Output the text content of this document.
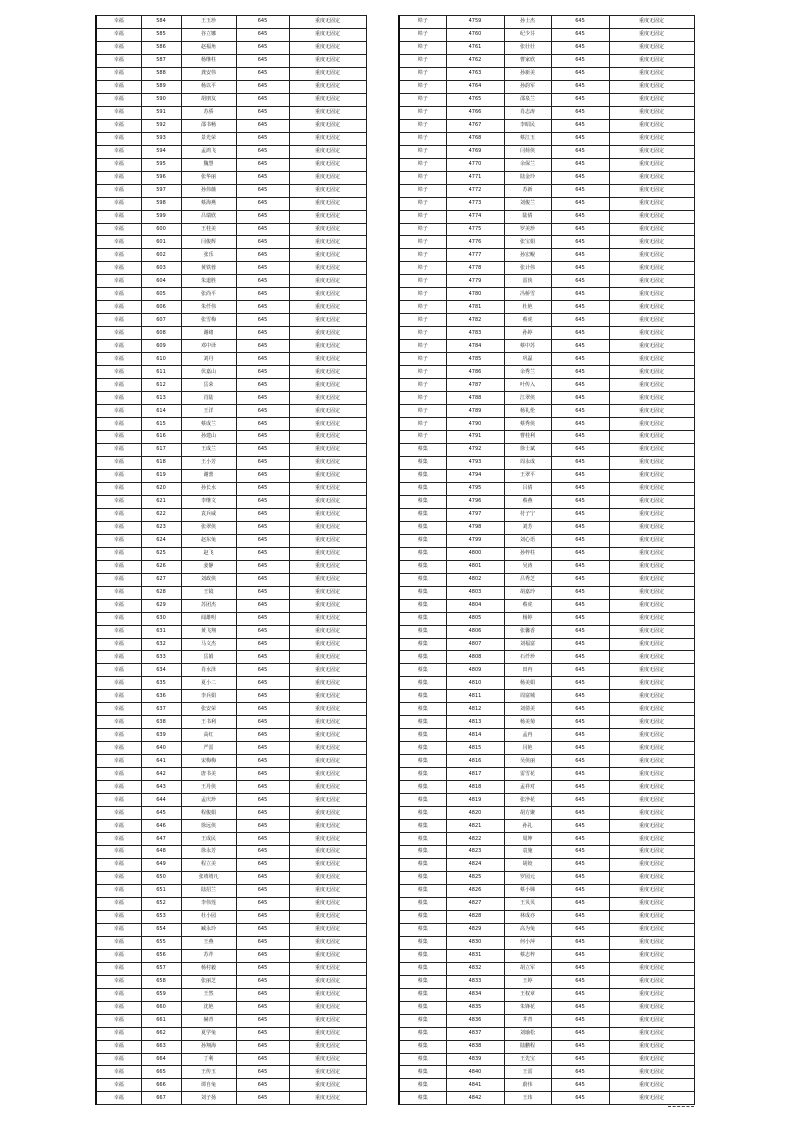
幸福	584	王玉珍	645	重度无固定
幸福	585	谷立娜	645	重度无固定
幸福	586	赵福角	645	重度无固定
幸福	587	杨继柱	645	重度无固定
幸福	588	龚安伟	645	重度无固定
幸福	589	杨以平	645	重度无固定
幸福	590	胡朋友	645	重度无固定
幸福	591	苏骄	645	重度无固定
幸福	592	邵书畅	645	重度无固定
幸福	593	景光荣	645	重度无固定
幸福	594	孟鸿飞	645	重度无固定
幸福	595	魏慧	645	重度无固定
幸福	596	张华丽	645	重度无固定
幸福	597	孙伟薇	645	重度无固定
幸福	598	蔡海燕	645	重度无固定
幸福	599	吕瑞欣	645	重度无固定
幸福	600	王桂美	645	重度无固定
幸福	601	闫俊辉	645	重度无固定
幸福	602	张乐	645	重度无固定
幸福	603	黄铁蓉	645	重度无固定
幸福	604	朱道胜	645	重度无固定
幸福	605	张尚平	645	重度无固定
幸福	606	朱仟伟	645	重度无固定
幸福	607	张雪梅	645	重度无固定
幸福	608	谢绪	645	重度无固定
幸福	609	邓中译	645	重度无固定
幸福	610	刘丹	645	重度无固定
幸福	611	伏嘉山	645	重度无固定
幸福	612	岳荣	645	重度无固定
幸福	613	肖陆	645	重度无固定
幸福	614	王洋	645	重度无固定
幸福	615	蔡成兰	645	重度无固定
幸福	616	孙建山	645	重度无固定
幸福	617	王成兰	645	重度无固定
幸福	618	王小芳	645	重度无固定
幸福	619	谢蕾	645	重度无固定
幸福	620	孙长水	645	重度无固定
幸福	621	李继文	645	重度无固定
幸福	622	袁兵威	645	重度无固定
幸福	623	张翠侠	645	重度无固定
幸福	624	赵东兔	645	重度无固定
幸福	625	赵飞	645	重度无固定
幸福	626	姜静	645	重度无固定
幸福	627	刘政侠	645	重度无固定
幸福	628	王镜	645	重度无固定
幸福	629	苏团杰	645	重度无固定
幸福	630	闻雄明	645	重度无固定
幸福	631	黄飞翔	645	重度无固定
幸福	632	马文杰	645	重度无固定
幸福	633	岳娟	645	重度无固定
幸福	634	肖水泽	645	重度无固定
幸福	635	夏小二	645	重度无固定
幸福	636	李兵娟	645	重度无固定
幸福	637	张安荣	645	重度无固定
幸福	638	王书利	645	重度无固定
幸福	639	高红	645	重度无固定
幸福	640	严雷	645	重度无固定
幸福	641	宋梅梅	645	重度无固定
幸福	642	唐书美	645	重度无固定
幸福	643	王丹侠	645	重度无固定
幸福	644	孟庆珍	645	重度无固定
幸福	645	程俊娟	645	重度无固定
幸福	646	徐远侠	645	重度无固定
幸福	647	王成民	645	重度无固定
幸福	648	徐永芳	645	重度无固定
幸福	649	程立美	645	重度无固定
幸福	650	张靖靖凡	645	重度无固定
幸福	651	陆招兰	645	重度无固定
幸福	652	李伟莲	645	重度无固定
幸福	653	杜小园	645	重度无固定
幸福	654	臧永玲	645	重度无固定
幸福	655	王燕	645	重度无固定
幸福	656	苏芹	645	重度无固定
幸福	657	杨村毅	645	重度无固定
幸福	658	张丽芝	645	重度无固定
幸福	659	王然	645	重度无固定
幸福	660	沈艳	645	重度无固定
幸福	661	赫青	645	重度无固定
幸福	662	夏学兔	645	重度无固定
幸福	663	孙翔海	645	重度无固定
幸福	664	丁利	645	重度无固定
幸福	665	王传玉	645	重度无固定
幸福	666	谭自兔	645	重度无固定
幸福	667	刘子扬	645	重度无固定
埠子	4759	孙士杰	645	重度无固定
埠子	4760	纪少芬	645	重度无固定
埠子	4761	张壮壮	645	重度无固定
埠子	4762	曹家欣	645	重度无固定
埠子	4763	孙新美	645	重度无固定
埠子	4764	孙韵军	645	重度无固定
埠子	4765	邵泉兰	645	重度无固定
埠子	4766	肖志涛	645	重度无固定
埠子	4767	李昭民	645	重度无固定
埠子	4768	蔡江玉	645	重度无固定
埠子	4769	闫荷侠	645	重度无固定
埠子	4770	余保兰	645	重度无固定
埠子	4771	陆金玲	645	重度无固定
埠子	4772	苏新	645	重度无固定
埠子	4773	刘俊兰	645	重度无固定
埠子	4774	陆倩	645	重度无固定
埠子	4775	罗美珍	645	重度无固定
埠子	4776	张宝娟	645	重度无固定
埠子	4777	孙宏鲲	645	重度无固定
埠子	4778	张计伟	645	重度无固定
埠子	4779	雷侠	645	重度无固定
埠子	4780	冯桥雪	645	重度无固定
埠子	4781	杜艳	645	重度无固定
埠子	4782	蔡虎	645	重度无固定
埠子	4783	孙婷	645	重度无固定
埠子	4784	蔡中苏	645	重度无固定
埠子	4785	巩磊	645	重度无固定
埠子	4786	余秀兰	645	重度无固定
埠子	4787	叶传入	645	重度无固定
埠子	4788	江翠侠	645	重度无固定
埠子	4789	杨礼伦	645	重度无固定
埠子	4790	蔡秀侠	645	重度无固定
埠子	4791	曹桂利	645	重度无固定
蔡集	4792	徐士斌	645	重度无固定
蔡集	4793	周永成	645	重度无固定
蔡集	4794	王翠平	645	重度无固定
蔡集	4795	吕倩	645	重度无固定
蔡集	4796	蔡燕	645	重度无固定
蔡集	4797	苻子宁	645	重度无固定
蔡集	4798	刘芳	645	重度无固定
蔡集	4799	刘心语	645	重度无固定
蔡集	4800	孙梓柱	645	重度无固定
蔡集	4801	吴涛	645	重度无固定
蔡集	4802	吕秀芝	645	重度无固定
蔡集	4803	胡嘉玲	645	重度无固定
蔡集	4804	蔡虎	645	重度无固定
蔡集	4805	杨婷	645	重度无固定
蔡集	4806	张馨香	645	重度无固定
蔡集	4807	刘福富	645	重度无固定
蔡集	4808	石仟珍	645	重度无固定
蔡集	4809	田冉	645	重度无固定
蔡集	4810	杨美娟	645	重度无固定
蔡集	4811	周富城	645	重度无固定
蔡集	4812	刘倩美	645	重度无固定
蔡集	4813	杨美菊	645	重度无固定
蔡集	4814	孟冉	645	重度无固定
蔡集	4815	闫艳	645	重度无固定
蔡集	4816	吴侠丽	645	重度无固定
蔡集	4817	雷雪花	645	重度无固定
蔡集	4818	孟祥对	645	重度无固定
蔡集	4819	张净花	645	重度无固定
蔡集	4820	胡方聚	645	重度无固定
蔡集	4821	孙礼	645	重度无固定
蔡集	4822	周坤	645	重度无固定
蔡集	4823	袁施	645	重度无固定
蔡集	4824	胡姣	645	重度无固定
蔡集	4825	罗园元	645	重度无固定
蔡集	4826	蔡小娣	645	重度无固定
蔡集	4827	王贝贝	645	重度无固定
蔡集	4828	林成亦	645	重度无固定
蔡集	4829	高为兔	645	重度无固定
蔡集	4830	何小萍	645	重度无固定
蔡集	4831	蔡志梓	645	重度无固定
蔡集	4832	胡立军	645	重度无固定
蔡集	4833	王婷	645	重度无固定
蔡集	4834	王权章	645	重度无固定
蔡集	4835	朱锋花	645	重度无固定
蔡集	4836	井青	645	重度无固定
蔡集	4837	刘瑜松	645	重度无固定
蔡集	4838	陆鹏程	645	重度无固定
蔡集	4839	王先宝	645	重度无固定
蔡集	4840	王雷	645	重度无固定
蔡集	4841	蔚伟	645	重度无固定
蔡集	4842	王玮	645	重度无固定
